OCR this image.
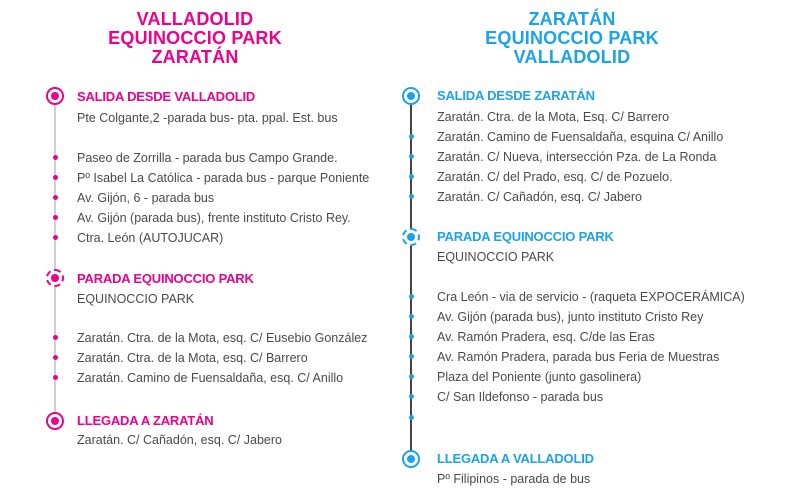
VALLADOLID
EQUINOCCIO PARK
ZARATÁN
SALIDA DESDE VALLADOLID
Pte Colgante,2 -parada bus- pta. ppal. Est. bus
Paseo de Zorrilla - parada bus Campo Grande.
Pº Isabel La Católica - parada bus - parque Poniente
Av. Gijón, 6 - parada bus
Av. Gijón (parada bus), frente instituto Cristo Rey.
Ctra. León (AUTOJUCAR)
PARADA EQUINOCCIO PARK
EQUINOCCIO PARK
Zaratán. Ctra. de la Mota, esq. C/ Eusebio González
Zaratán. Ctra. de la Mota, esq. C/ Barrero
Zaratán. Camino de Fuensaldaña, esq. C/ Anillo
LLEGADA A ZARATÁN
Zaratán. C/ Cañadón, esq. C/ Jabero
ZARATÁN
EQUINOCCIO PARK
VALLADOLID
SALIDA DESDE ZARATÁN
Zaratán. Ctra. de la Mota, Esq. C/ Barrero
Zaratán. Camino de Fuensaldaña, esquina C/ Anillo
Zaratán. C/ Nueva, intersección Pza. de La Ronda
Zaratán. C/ del Prado, esq. C/ de Pozuelo.
Zaratán. C/ Cañadón, esq. C/ Jabero
PARADA EQUINOCCIO PARK
EQUINOCCIO PARK
Cra León - via de servicio - (raqueta EXPOCERÁMICA)
Av. Gijón (parada bus), junto instituto Cristo Rey
Av. Ramón Pradera, esq. C/de las Eras
Av. Ramón Pradera, parada bus Feria de Muestras
Plaza del Poniente (junto gasolinera)
C/ San Ildefonso - parada bus
LLEGADA A VALLADOLID
Pº Filipinos - parada de bus
